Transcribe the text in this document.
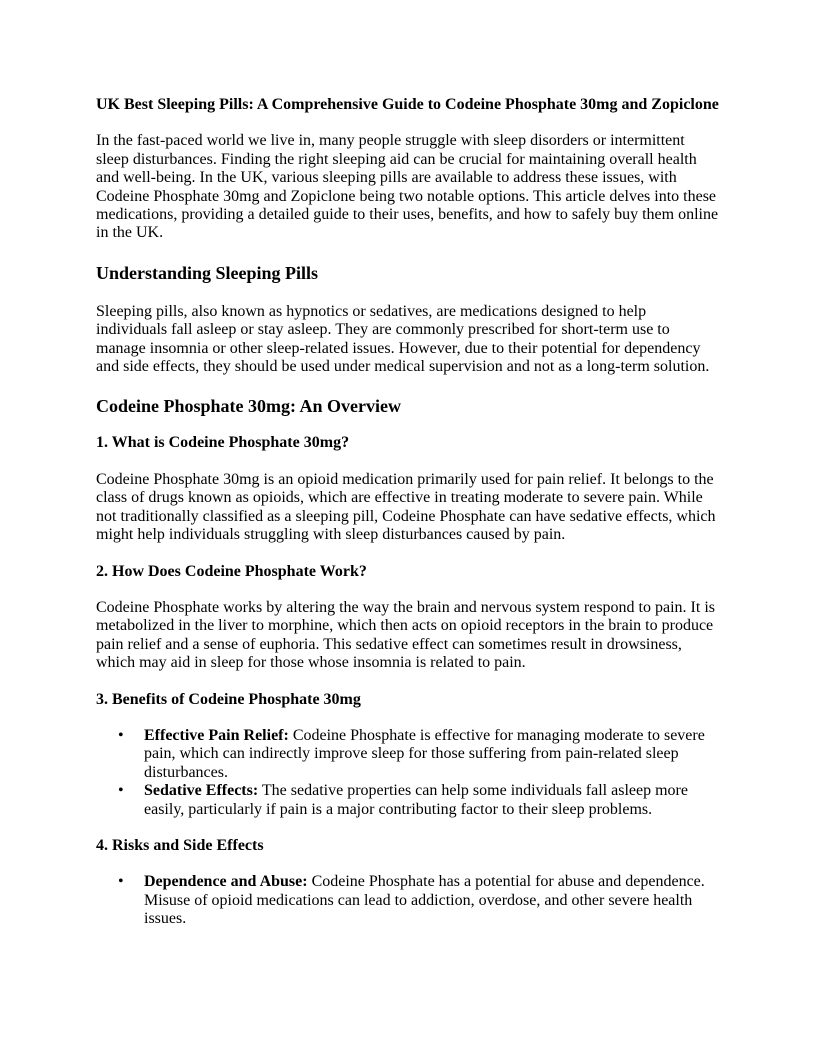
UK Best Sleeping Pills: A Comprehensive Guide to Codeine Phosphate 30mg and Zopiclone

In the fast-paced world we live in, many people struggle with sleep disorders or intermittent sleep disturbances. Finding the right sleeping aid can be crucial for maintaining overall health and well-being. In the UK, various sleeping pills are available to address these issues, with Codeine Phosphate 30mg and Zopiclone being two notable options. This article delves into these medications, providing a detailed guide to their uses, benefits, and how to safely buy them online in the UK.

Understanding Sleeping Pills

Sleeping pills, also known as hypnotics or sedatives, are medications designed to help individuals fall asleep or stay asleep. They are commonly prescribed for short-term use to manage insomnia or other sleep-related issues. However, due to their potential for dependency and side effects, they should be used under medical supervision and not as a long-term solution.

Codeine Phosphate 30mg: An Overview
1. What is Codeine Phosphate 30mg?

Codeine Phosphate 30mg is an opioid medication primarily used for pain relief. It belongs to the class of drugs known as opioids, which are effective in treating moderate to severe pain. While not traditionally classified as a sleeping pill, Codeine Phosphate can have sedative effects, which might help individuals struggling with sleep disturbances caused by pain.

2. How Does Codeine Phosphate Work?

Codeine Phosphate works by altering the way the brain and nervous system respond to pain. It is metabolized in the liver to morphine, which then acts on opioid receptors in the brain to produce pain relief and a sense of euphoria. This sedative effect can sometimes result in drowsiness, which may aid in sleep for those whose insomnia is related to pain.

3. Benefits of Codeine Phosphate 30mg
• Effective Pain Relief: Codeine Phosphate is effective for managing moderate to severe pain, which can indirectly improve sleep for those suffering from pain-related sleep disturbances.
• Sedative Effects: The sedative properties can help some individuals fall asleep more easily, particularly if pain is a major contributing factor to their sleep problems.
4. Risks and Side Effects
• Dependence and Abuse: Codeine Phosphate has a potential for abuse and dependence. Misuse of opioid medications can lead to addiction, overdose, and other severe health issues.
